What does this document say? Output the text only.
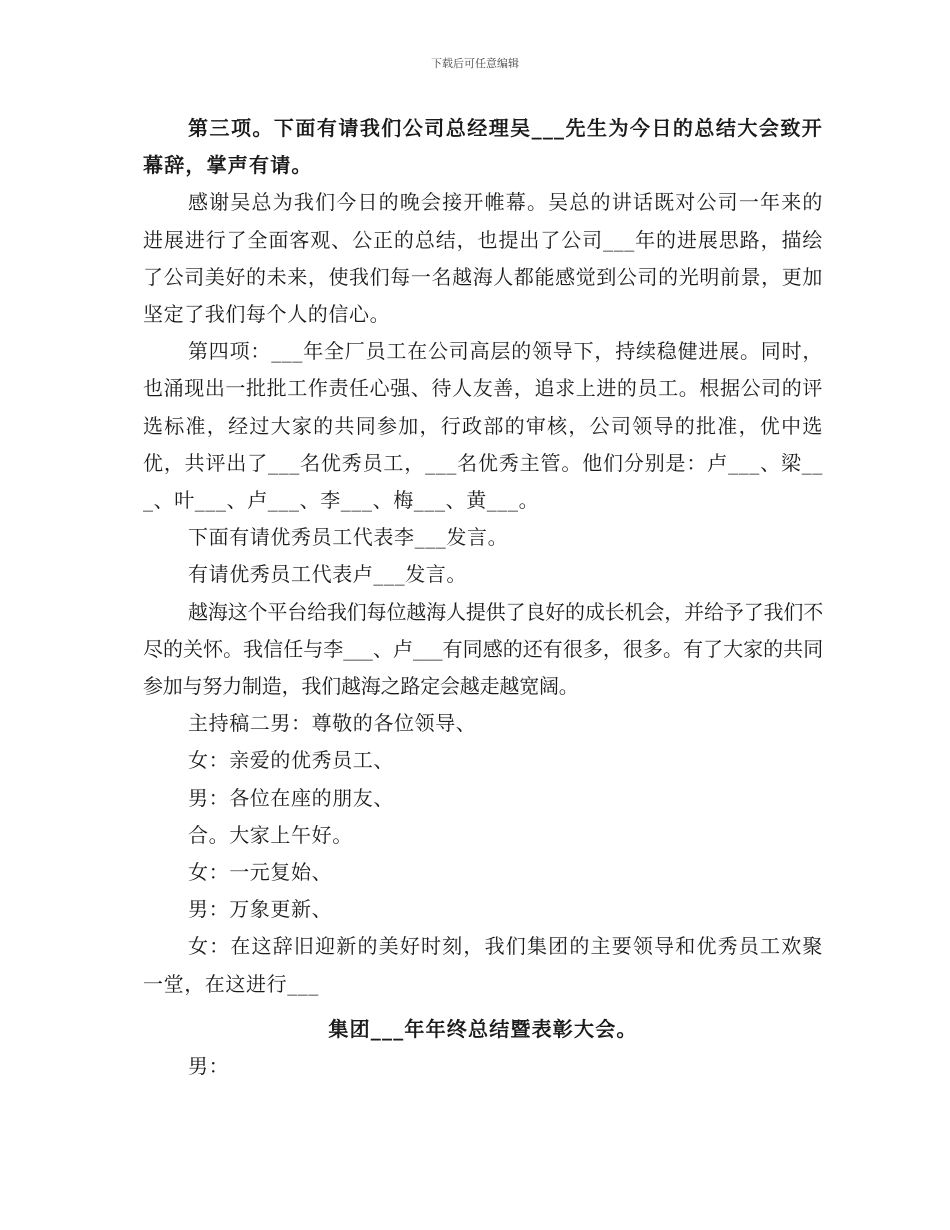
下载后可任意编辑

第三项。下面有请我们公司总经理吴___先生为今日的总结大会致开幕辞，掌声有请。

感谢吴总为我们今日的晚会接开帷幕。吴总的讲话既对公司一年来的进展进行了全面客观、公正的总结，也提出了公司___年的进展思路，描绘了公司美好的未来，使我们每一名越海人都能感觉到公司的光明前景，更加坚定了我们每个人的信心。

第四项：___年全厂员工在公司高层的领导下，持续稳健进展。同时，也涌现出一批批工作责任心强、待人友善，追求上进的员工。根据公司的评选标准，经过大家的共同参加，行政部的审核，公司领导的批准，优中选优，共评出了___名优秀员工，___名优秀主管。他们分别是：卢___、梁___、叶___、卢___、李___、梅___、黄___。

下面有请优秀员工代表李___发言。

有请优秀员工代表卢___发言。

越海这个平台给我们每位越海人提供了良好的成长机会，并给予了我们不尽的关怀。我信任与李___、卢___有同感的还有很多，很多。有了大家的共同参加与努力制造，我们越海之路定会越走越宽阔。

主持稿二男：尊敬的各位领导、

女：亲爱的优秀员工、

男：各位在座的朋友、

合。大家上午好。

女：一元复始、

男：万象更新、

女：在这辞旧迎新的美好时刻，我们集团的主要领导和优秀员工欢聚一堂，在这进行___

集团___年年终总结暨表彰大会。

男：
